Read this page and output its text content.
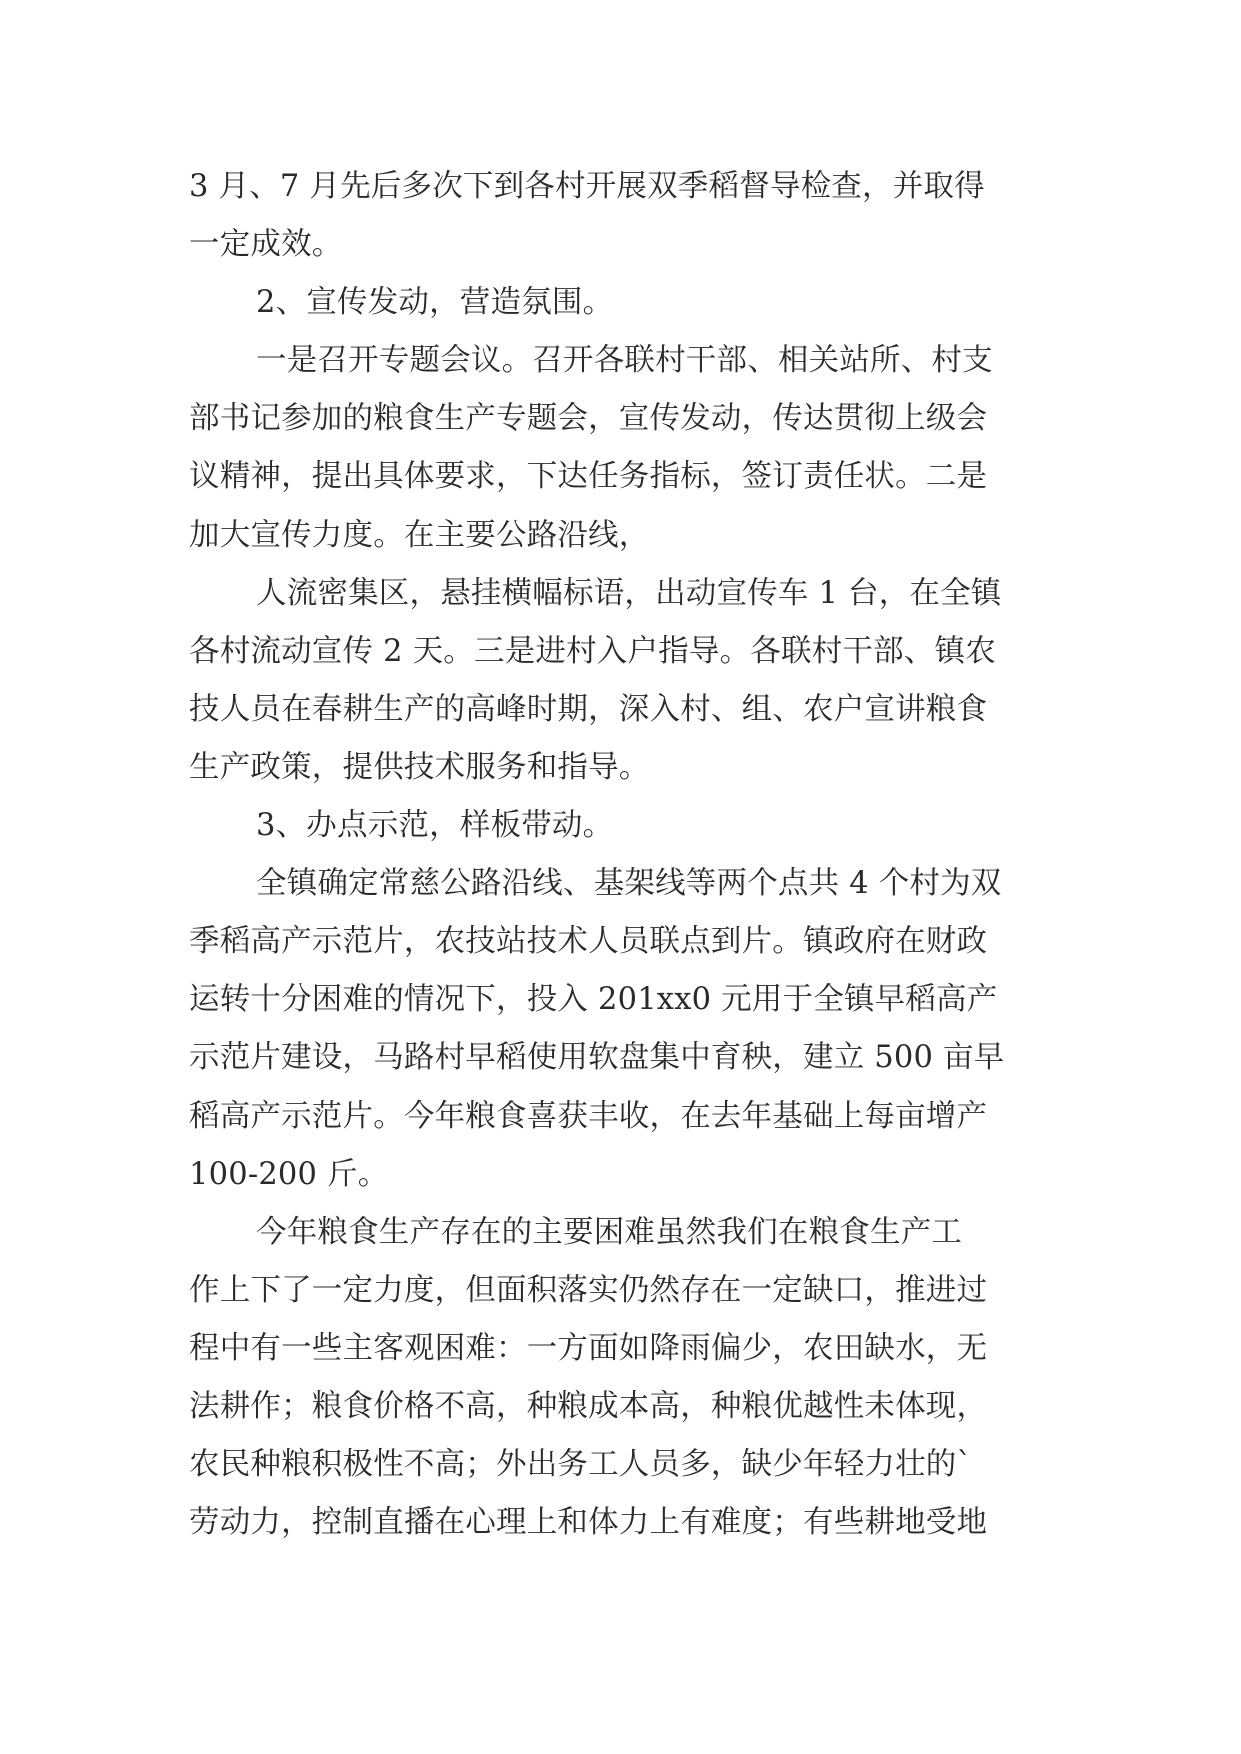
3 月、7 月先后多次下到各村开展双季稻督导检查，并取得
一定成效。
2、宣传发动，营造氛围。
一是召开专题会议。召开各联村干部、相关站所、村支
部书记参加的粮食生产专题会，宣传发动，传达贯彻上级会
议精神，提出具体要求，下达任务指标，签订责任状。二是
加大宣传力度。在主要公路沿线，
人流密集区，悬挂横幅标语，出动宣传车 1 台，在全镇
各村流动宣传 2 天。三是进村入户指导。各联村干部、镇农
技人员在春耕生产的高峰时期，深入村、组、农户宣讲粮食
生产政策，提供技术服务和指导。
3、办点示范，样板带动。
全镇确定常慈公路沿线、基架线等两个点共 4 个村为双
季稻高产示范片，农技站技术人员联点到片。镇政府在财政
运转十分困难的情况下，投入 201xx0 元用于全镇早稻高产
示范片建设，马路村早稻使用软盘集中育秧，建立 500 亩早
稻高产示范片。今年粮食喜获丰收，在去年基础上每亩增产
100-200 斤。
今年粮食生产存在的主要困难虽然我们在粮食生产工
作上下了一定力度，但面积落实仍然存在一定缺口，推进过
程中有一些主客观困难：一方面如降雨偏少，农田缺水，无
法耕作；粮食价格不高，种粮成本高，种粮优越性未体现，
农民种粮积极性不高；外出务工人员多，缺少年轻力壮的`
劳动力，控制直播在心理上和体力上有难度；有些耕地受地
